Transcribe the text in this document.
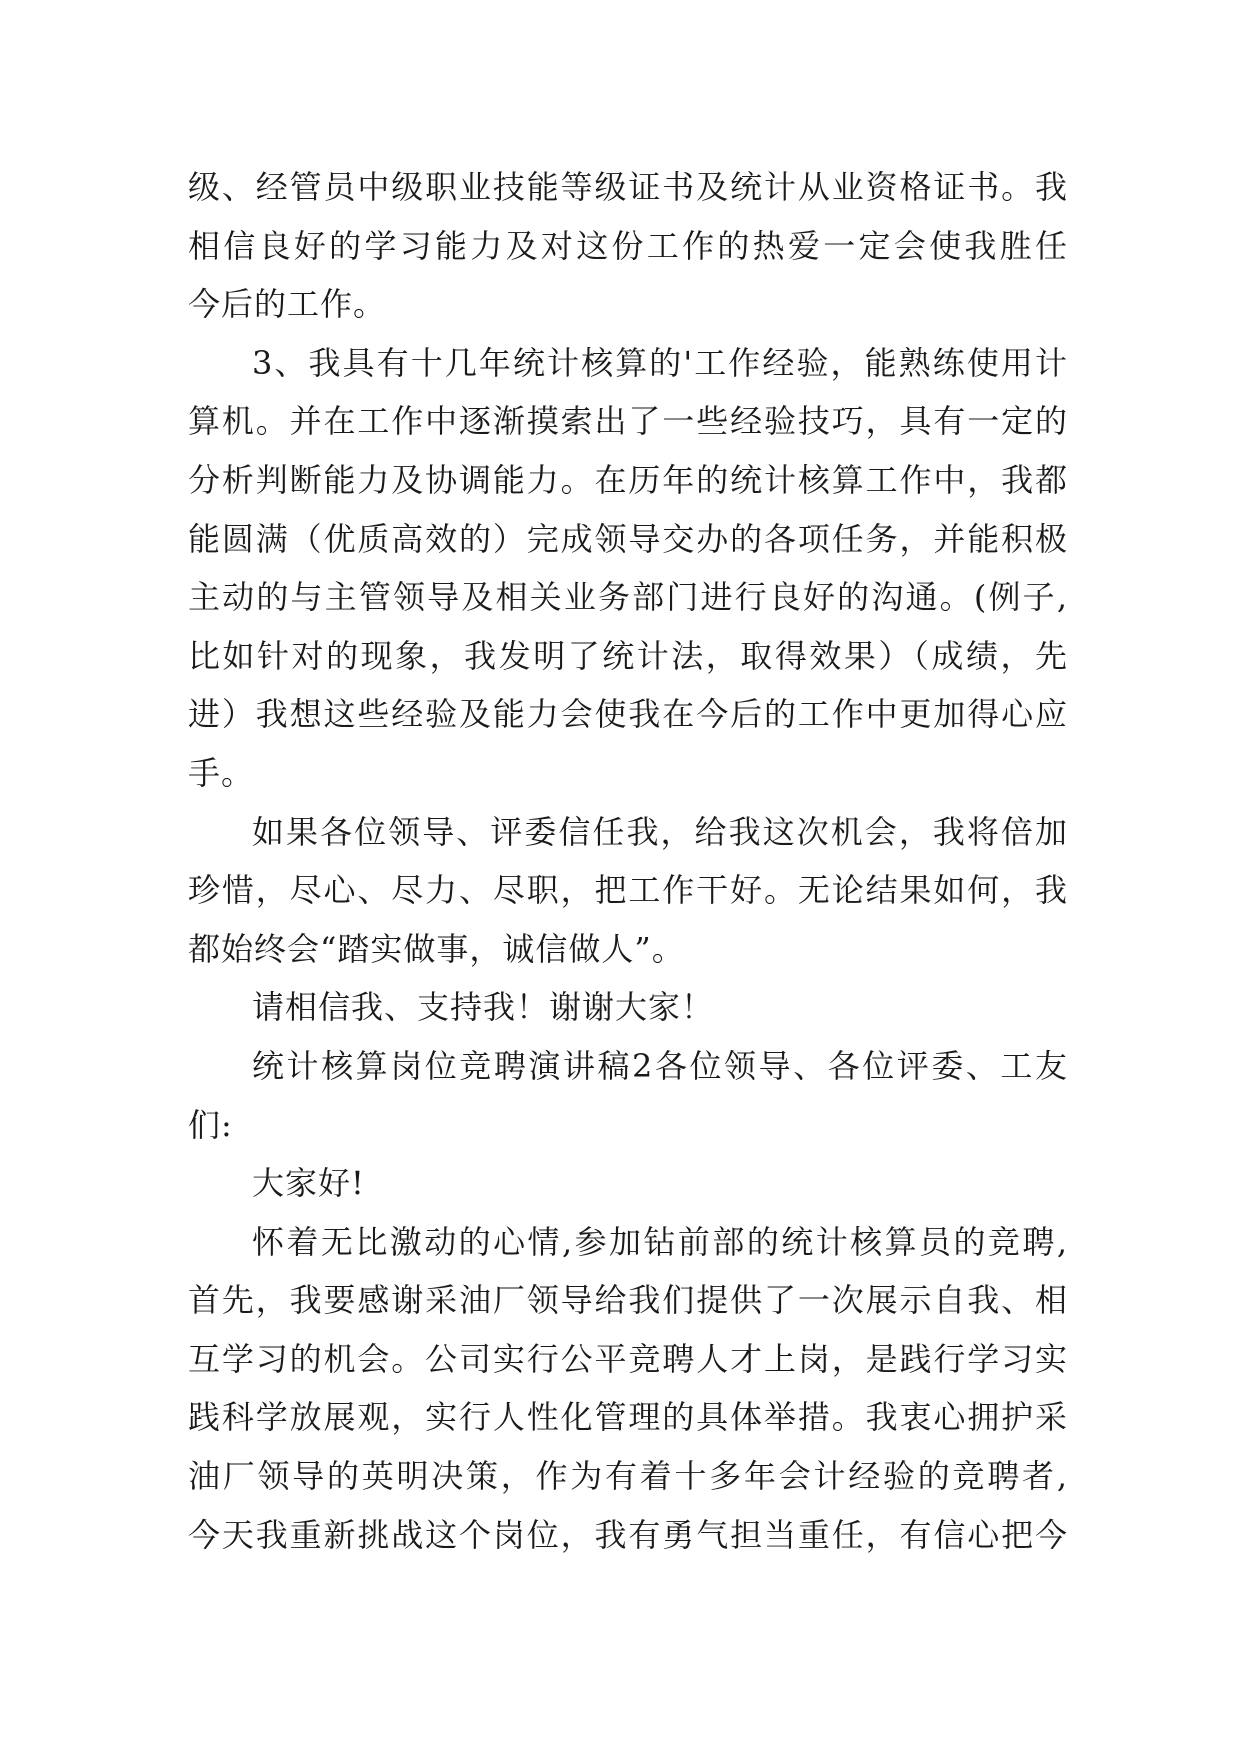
级、经管员中级职业技能等级证书及统计从业资格证书。我
相信良好的学习能力及对这份工作的热爱一定会使我胜任
今后的工作。
3、我具有十几年统计核算的'工作经验，能熟练使用计
算机。并在工作中逐渐摸索出了一些经验技巧，具有一定的
分析判断能力及协调能力。在历年的统计核算工作中，我都
能圆满（优质高效的）完成领导交办的各项任务，并能积极
主动的与主管领导及相关业务部门进行良好的沟通。(例子,
比如针对的现象，我发明了统计法，取得效果）（成绩，先
进）我想这些经验及能力会使我在今后的工作中更加得心应
手。
如果各位领导、评委信任我，给我这次机会，我将倍加
珍惜，尽心、尽力、尽职，把工作干好。无论结果如何，我
都始终会“踏实做事，诚信做人”。
请相信我、支持我！谢谢大家！
统计核算岗位竞聘演讲稿2各位领导、各位评委、工友
们:
大家好!
怀着无比激动的心情,参加钻前部的统计核算员的竞聘,
首先，我要感谢采油厂领导给我们提供了一次展示自我、相
互学习的机会。公司实行公平竞聘人才上岗，是践行学习实
践科学放展观，实行人性化管理的具体举措。我衷心拥护采
油厂领导的英明决策，作为有着十多年会计经验的竞聘者,
今天我重新挑战这个岗位，我有勇气担当重任，有信心把今
